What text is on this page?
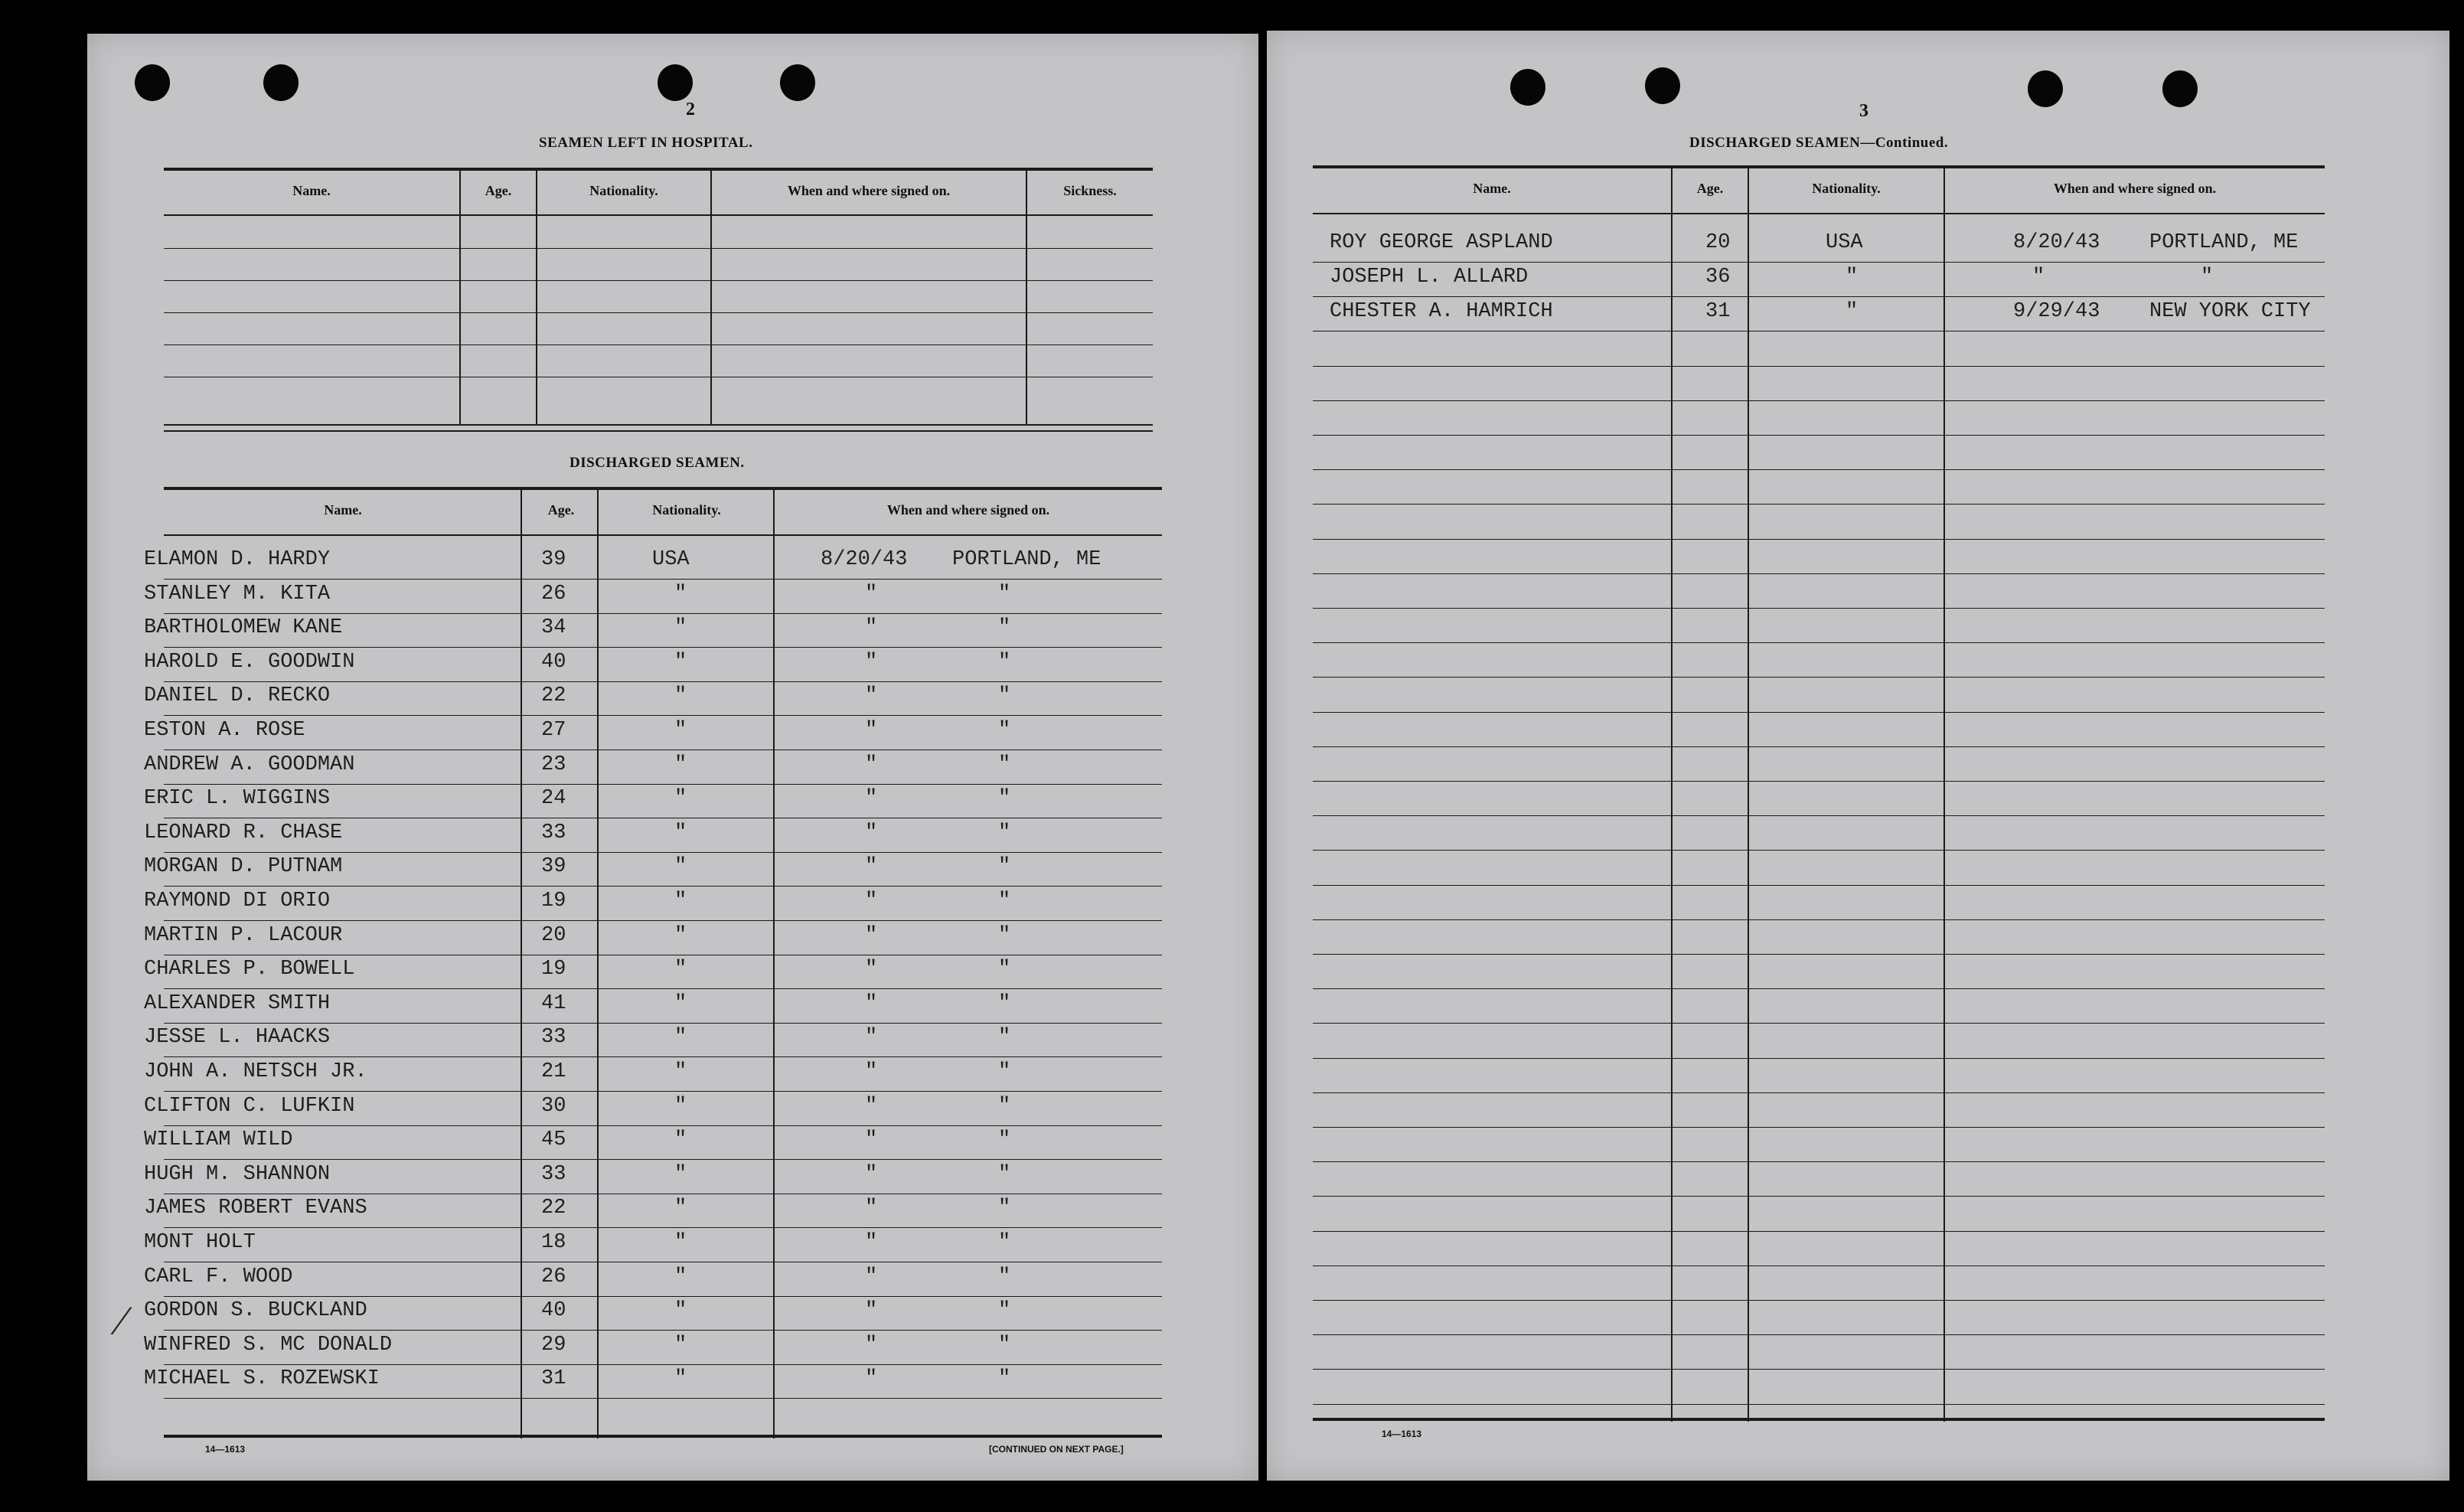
2
SEAMEN LEFT IN HOSPITAL.
Name.	Age.	Nationality.	When and where signed on.	Sickness.
DISCHARGED SEAMEN.
Name.	Age.	Nationality.	When and where signed on.
ELAMON D. HARDY	39	USA	8/20/43 PORTLAND, ME
STANLEY M. KITA	26	"	"	"
BARTHOLOMEW KANE	34	"	"	"
HAROLD E. GOODWIN	40	"	"	"
DANIEL D. RECKO	22	"	"	"
ESTON A. ROSE	27	"	"	"
ANDREW A. GOODMAN	23	"	"	"
ERIC L. WIGGINS	24	"	"	"
LEONARD R. CHASE	33	"	"	"
MORGAN D. PUTNAM	39	"	"	"
RAYMOND DI ORIO	19	"	"	"
MARTIN P. LACOUR	20	"	"	"
CHARLES P. BOWELL	19	"	"	"
ALEXANDER SMITH	41	"	"	"
JESSE L. HAACKS	33	"	"	"
JOHN A. NETSCH JR.	21	"	"	"
CLIFTON C. LUFKIN	30	"	"	"
WILLIAM WILD	45	"	"	"
HUGH M. SHANNON	33	"	"	"
JAMES ROBERT EVANS	22	"	"	"
MONT HOLT	18	"	"	"
CARL F. WOOD	26	"	"	"
GORDON S. BUCKLAND	40	"	"	"
WINFRED S. MC DONALD	29	"	"	"
MICHAEL S. ROZEWSKI	31	"	"	"
⁄
14—1613	[CONTINUED ON NEXT PAGE.]
3
DISCHARGED SEAMEN—Continued.
Name.	Age.	Nationality.	When and where signed on.
ROY GEORGE ASPLAND	20	USA	8/20/43 PORTLAND, ME
JOSEPH L. ALLARD	36	"	"	"
CHESTER A. HAMRICH	31	"	9/29/43 NEW YORK CITY
14—1613
